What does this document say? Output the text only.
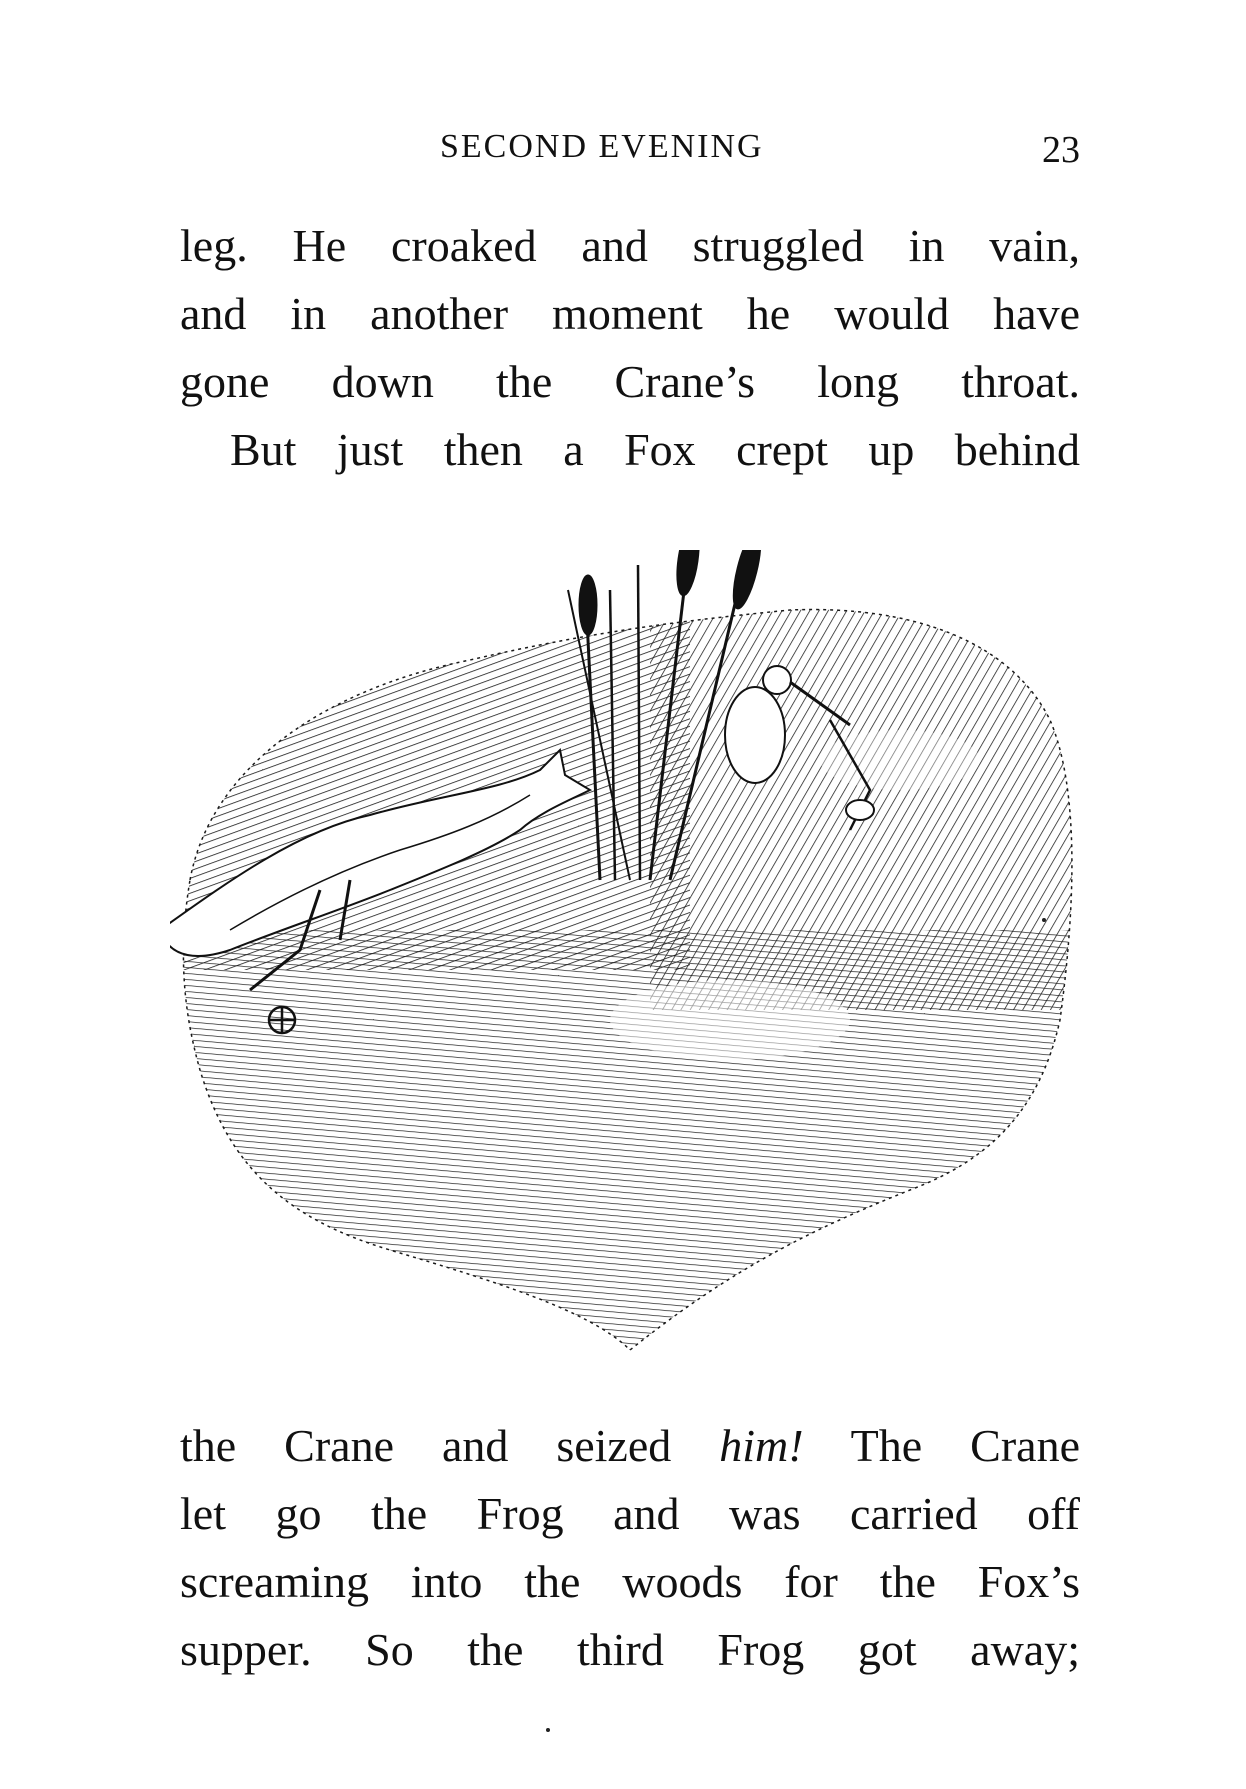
SECOND EVENING	23
leg. He croaked and struggled in vain,
and in another moment he would have
gone down the Crane’s long throat.
But just then a Fox crept up behind
the Crane and seized him! The Crane
let go the Frog and was carried off
screaming into the woods for the Fox’s
supper. So the third Frog got away;
